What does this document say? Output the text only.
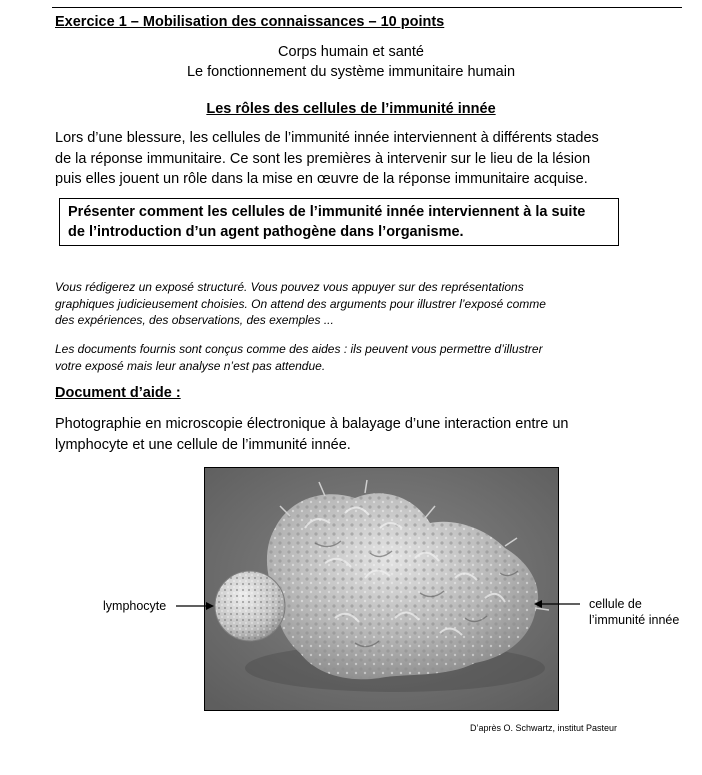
Exercice 1 – Mobilisation des connaissances – 10 points
Corps humain et santé
Le fonctionnement du système immunitaire humain
Les rôles des cellules de l’immunité innée
Lors d’une blessure, les cellules de l’immunité innée interviennent à différents stades
de la réponse immunitaire. Ce sont les premières à intervenir sur le lieu de la lésion
puis elles jouent un rôle dans la mise en œuvre de la réponse immunitaire acquise.
Présenter comment les cellules de l’immunité innée interviennent à la suite
de l’introduction d’un agent pathogène dans l’organisme.
Vous rédigerez un exposé structuré. Vous pouvez vous appuyer sur des représentations
graphiques judicieusement choisies. On attend des arguments pour illustrer l’exposé comme
des expériences, des observations, des exemples ...
Les documents fournis sont conçus comme des aides : ils peuvent vous permettre d’illustrer
votre exposé mais leur analyse n’est pas attendue.
Document d’aide :
Photographie en microscopie électronique à balayage d’une interaction entre un
lymphocyte et une cellule de l’immunité innée.
lymphocyte	cellule de
l’immunité innée
D’après O. Schwartz, institut Pasteur
